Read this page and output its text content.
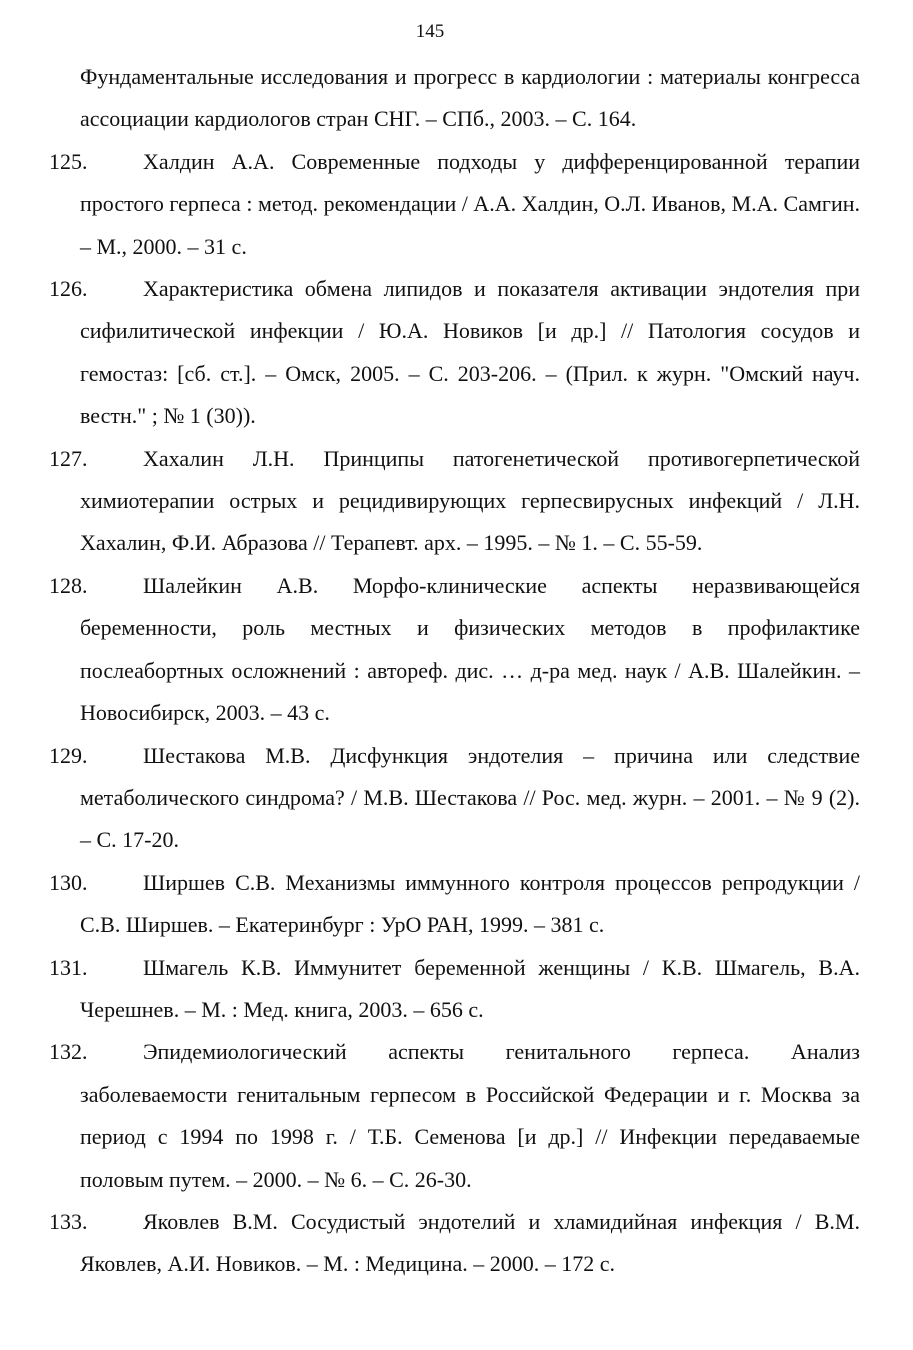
145
Фундаментальные исследования и прогресс в кардиологии : материалы конгресса ассоциации кардиологов стран СНГ. – СПб., 2003. – С. 164.
125.	Халдин А.А. Современные подходы у дифференцированной терапии простого герпеса : метод. рекомендации / А.А. Халдин, О.Л. Иванов, М.А. Самгин. – М., 2000. – 31 с.
126.	Характеристика обмена липидов и показателя активации эндотелия при сифилитической инфекции / Ю.А. Новиков [и др.] // Патология сосудов и гемостаз: [сб. ст.]. – Омск, 2005. – С. 203-206. – (Прил. к журн. "Омский науч. вестн." ; № 1 (30)).
127.	Хахалин Л.Н. Принципы патогенетической противогерпетической химиотерапии острых и рецидивирующих герпесвирусных инфекций / Л.Н. Хахалин, Ф.И. Абразова // Терапевт. арх. – 1995. – № 1. – С. 55-59.
128.	Шалейкин А.В. Морфо-клинические аспекты неразвивающейся беременности, роль местных и физических методов в профилактике послеабортных осложнений : автореф. дис. … д-ра мед. наук / А.В. Шалейкин. – Новосибирск, 2003. – 43 с.
129.	Шестакова М.В. Дисфункция эндотелия – причина или следствие метаболического синдрома? / М.В. Шестакова // Рос. мед. журн. – 2001. – № 9 (2). – С. 17-20.
130.	Ширшев С.В. Механизмы иммунного контроля процессов репродукции / С.В. Ширшев. – Екатеринбург : УрО РАН, 1999. – 381 с.
131.	Шмагель К.В. Иммунитет беременной женщины / К.В. Шмагель, В.А. Черешнев. – М. : Мед. книга, 2003. – 656 с.
132.	Эпидемиологический аспекты генитального герпеса. Анализ заболеваемости генитальным герпесом в Российской Федерации и г. Москва за период с 1994 по 1998 г. / Т.Б. Семенова [и др.] // Инфекции передаваемые половым путем. – 2000. – № 6. – С. 26-30.
133.	Яковлев В.М. Сосудистый эндотелий и хламидийная инфекция / В.М. Яковлев, А.И. Новиков. – М. : Медицина. – 2000. – 172 с.
